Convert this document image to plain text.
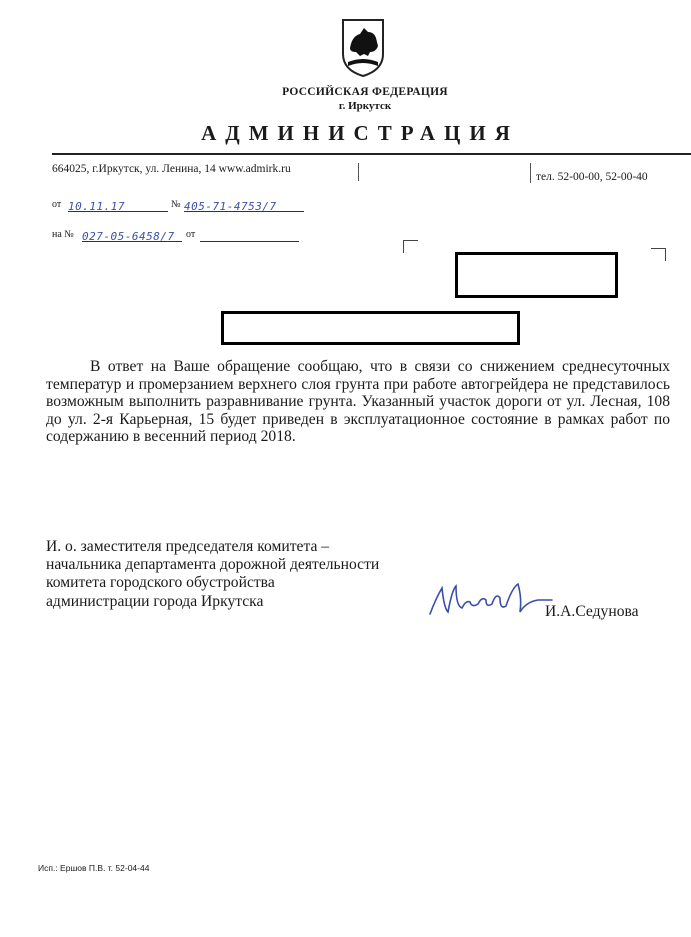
РОССИЙСКАЯ ФЕДЕРАЦИЯ
г. Иркутск
АДМИНИСТРАЦИЯ
664025, г.Иркутск, ул. Ленина, 14 www.admirk.ru
тел. 52-00-00, 52-00-40
от 10.11.17	№ 405-71-4753/7
на № 027-05-6458/7	от
В ответ на Ваше обращение сообщаю, что в связи со снижением среднесуточных температур и промерзанием верхнего слоя грунта при работе автогрейдера не представилось возможным выполнить разравнивание грунта. Указанный участок дороги от ул. Лесная, 108 до ул. 2-я Карьерная, 15 будет приведен в эксплуатационное состояние в рамках работ по содержанию в весенний период 2018.
И. о. заместителя председателя комитета –
начальника департамента дорожной деятельности
комитета городского обустройства
администрации города Иркутска
И.А.Седунова
Исп.: Ершов П.В. т. 52-04-44
